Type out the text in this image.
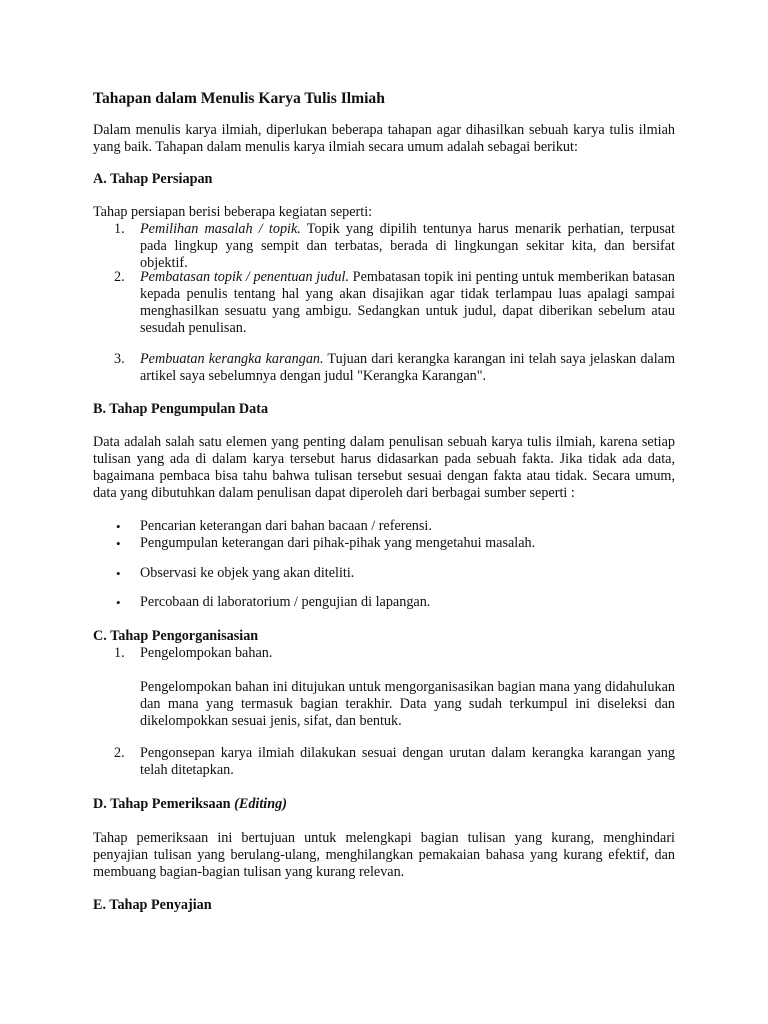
Tahapan dalam Menulis Karya Tulis Ilmiah

Dalam menulis karya ilmiah, diperlukan beberapa tahapan agar dihasilkan sebuah karya tulis ilmiah yang baik. Tahapan dalam menulis karya ilmiah secara umum adalah sebagai berikut:

A. Tahap Persiapan

Tahap persiapan berisi beberapa kegiatan seperti:

1. Pemilihan masalah / topik. Topik yang dipilih tentunya harus menarik perhatian, terpusat pada lingkup yang sempit dan terbatas, berada di lingkungan sekitar kita, dan bersifat objektif.

2. Pembatasan topik / penentuan judul. Pembatasan topik ini penting untuk memberikan batasan kepada penulis tentang hal yang akan disajikan agar tidak terlampau luas apalagi sampai menghasilkan sesuatu yang ambigu. Sedangkan untuk judul, dapat diberikan sebelum atau sesudah penulisan.

3. Pembuatan kerangka karangan. Tujuan dari kerangka karangan ini telah saya jelaskan dalam artikel saya sebelumnya dengan judul "Kerangka Karangan".

B. Tahap Pengumpulan Data

Data adalah salah satu elemen yang penting dalam penulisan sebuah karya tulis ilmiah, karena setiap tulisan yang ada di dalam karya tersebut harus didasarkan pada sebuah fakta. Jika tidak ada data, bagaimana pembaca bisa tahu bahwa tulisan tersebut sesuai dengan fakta atau tidak. Secara umum, data yang dibutuhkan dalam penulisan dapat diperoleh dari berbagai sumber seperti :

• Pencarian keterangan dari bahan bacaan / referensi.

• Pengumpulan keterangan dari pihak-pihak yang mengetahui masalah.

• Observasi ke objek yang akan diteliti.

• Percobaan di laboratorium / pengujian di lapangan.

C. Tahap Pengorganisasian
1. Pengelompokan bahan.

Pengelompokan bahan ini ditujukan untuk mengorganisasikan bagian mana yang didahulukan dan mana yang termasuk bagian terakhir. Data yang sudah terkumpul ini diseleksi dan dikelompokkan sesuai jenis, sifat, dan bentuk.

2. Pengonsepan karya ilmiah dilakukan sesuai dengan urutan dalam kerangka karangan yang telah ditetapkan.

D. Tahap Pemeriksaan (Editing)

Tahap pemeriksaan ini bertujuan untuk melengkapi bagian tulisan yang kurang, menghindari penyajian tulisan yang berulang-ulang, menghilangkan pemakaian bahasa yang kurang efektif, dan membuang bagian-bagian tulisan yang kurang relevan.

E. Tahap Penyajian
